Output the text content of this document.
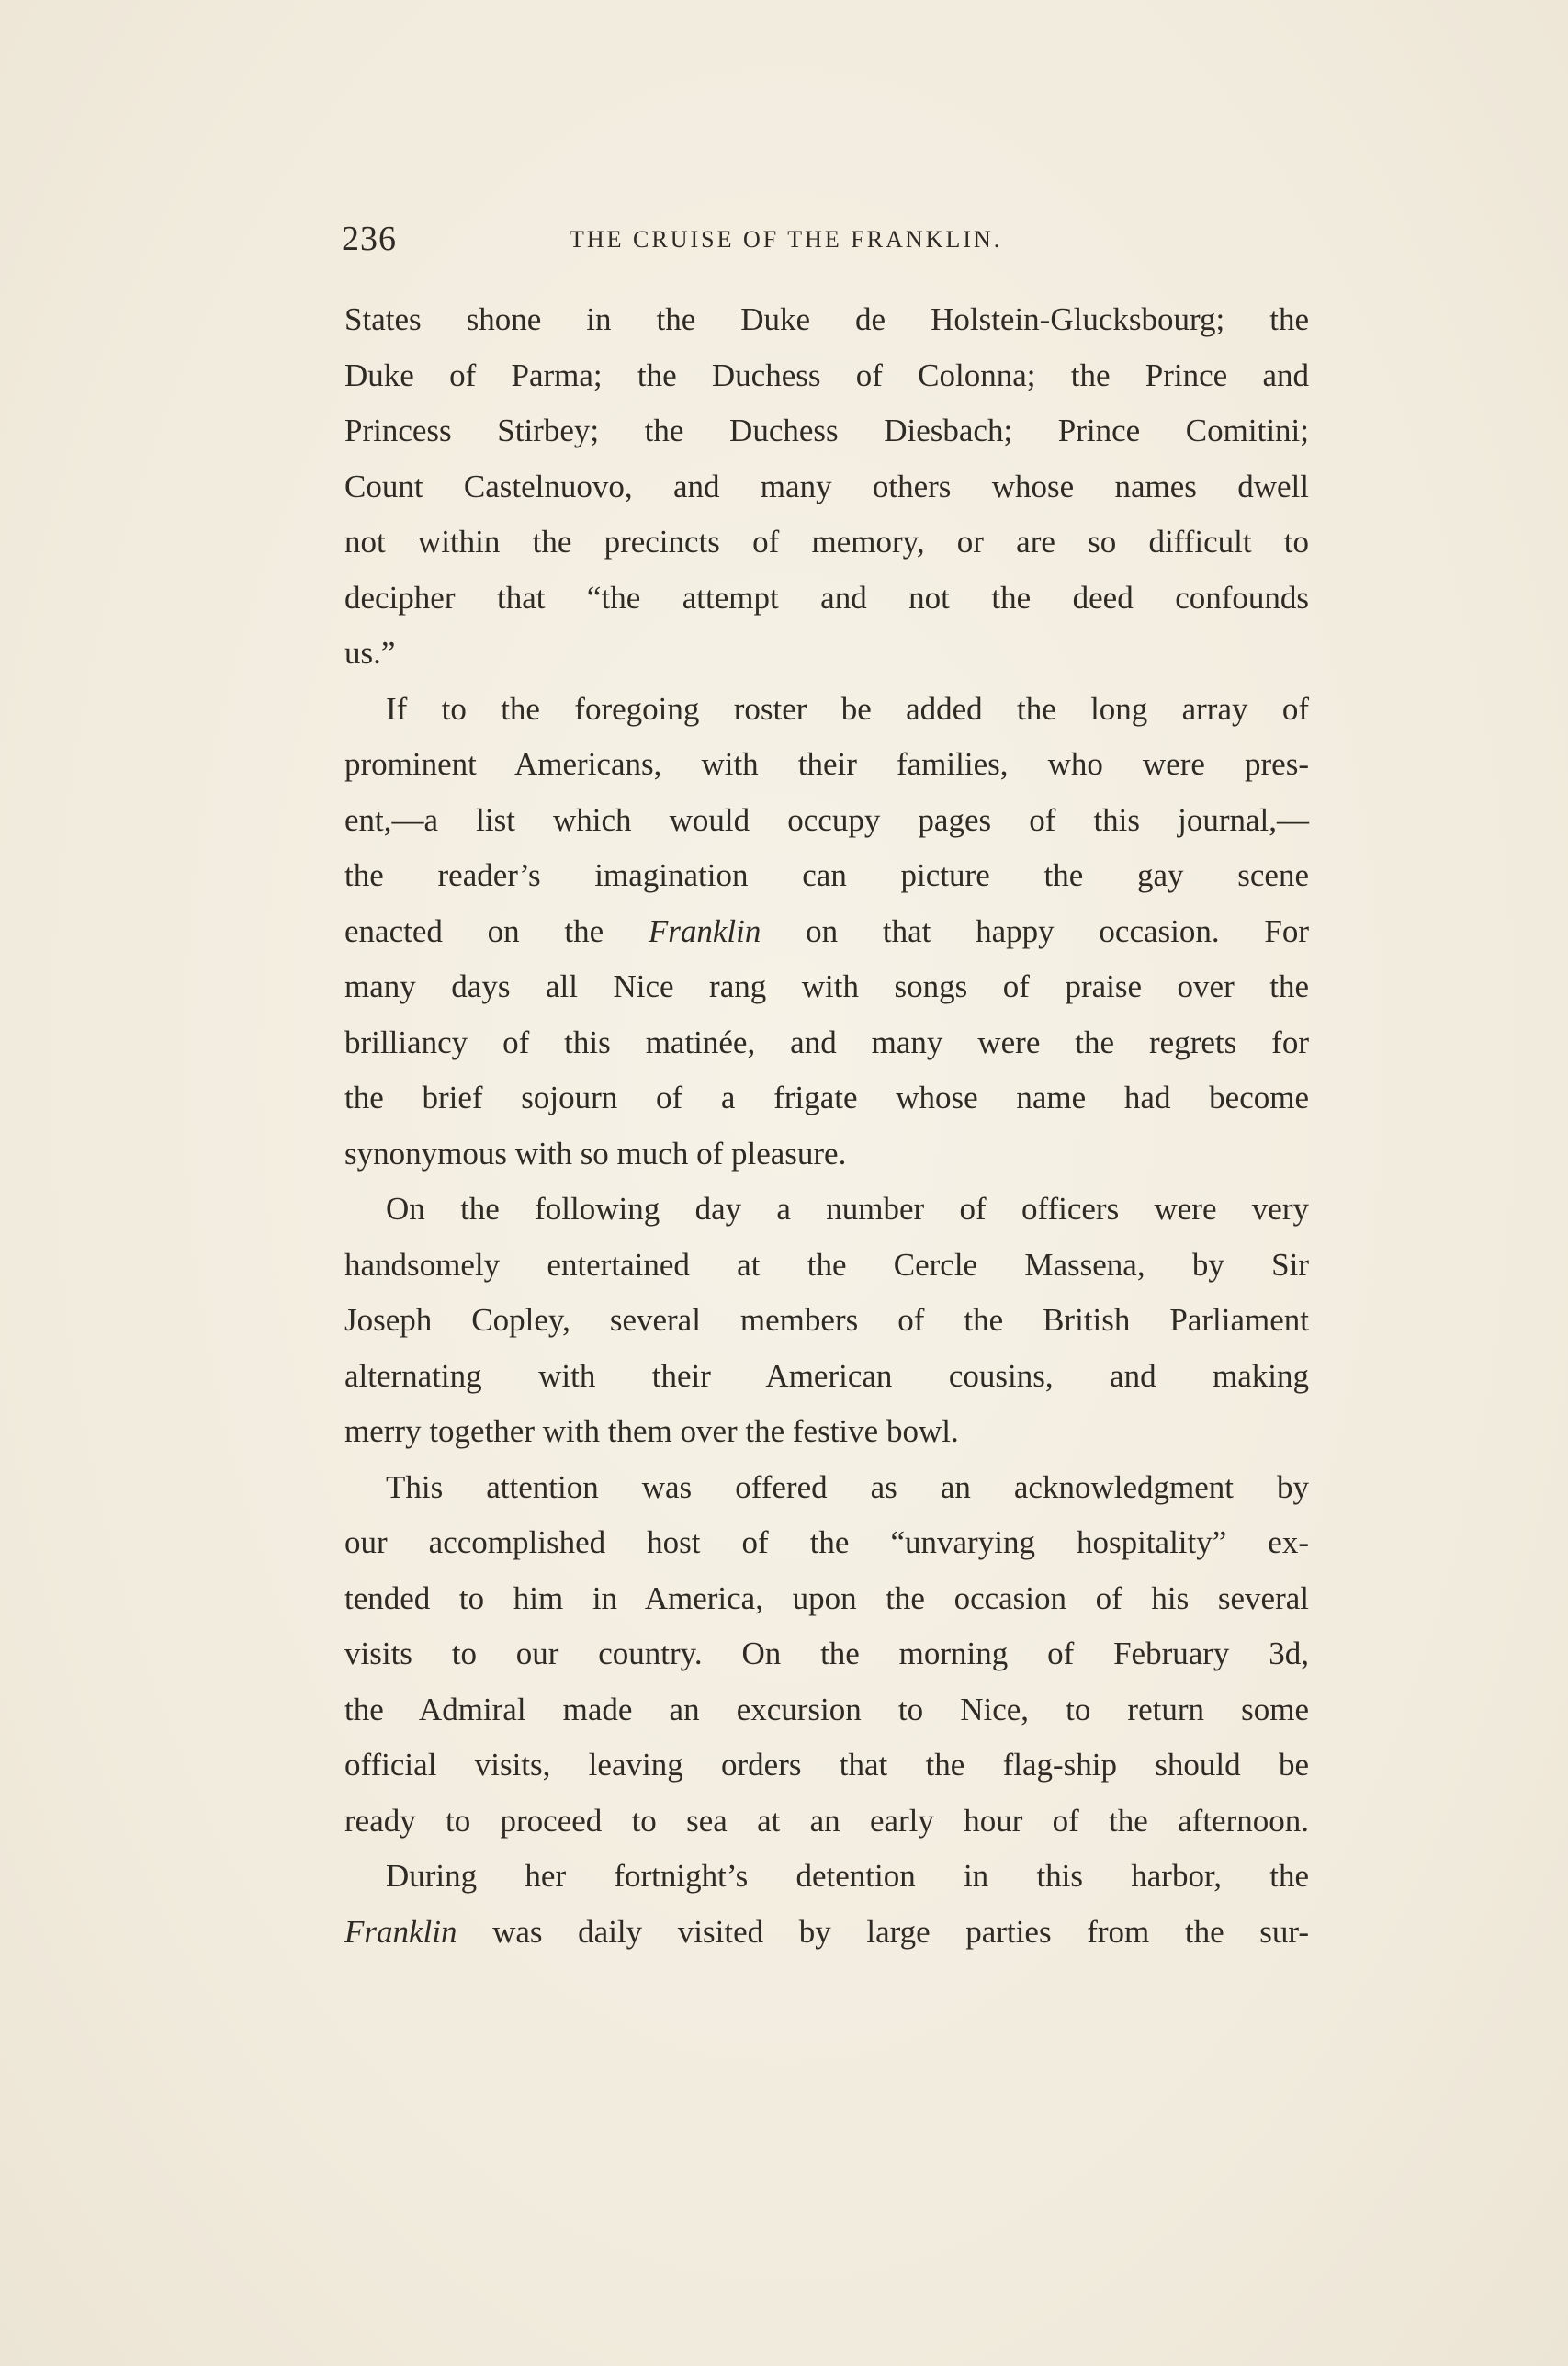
236	THE CRUISE OF THE FRANKLIN.
States shone in the Duke de Holstein-Glucksbourg; the
Duke of Parma; the Duchess of Colonna; the Prince and
Princess Stirbey; the Duchess Diesbach; Prince Comitini;
Count Castelnuovo, and many others whose names dwell
not within the precincts of memory, or are so difficult to
decipher that “the attempt and not the deed confounds
us.”
If to the foregoing roster be added the long array of
prominent Americans, with their families, who were pres-
ent,—a list which would occupy pages of this journal,—
the reader’s imagination can picture the gay scene
enacted on the Franklin on that happy occasion. For
many days all Nice rang with songs of praise over the
brilliancy of this matinée, and many were the regrets for
the brief sojourn of a frigate whose name had become
synonymous with so much of pleasure.
On the following day a number of officers were very
handsomely entertained at the Cercle Massena, by Sir
Joseph Copley, several members of the British Parliament
alternating with their American cousins, and making
merry together with them over the festive bowl.
This attention was offered as an acknowledgment by
our accomplished host of the “unvarying hospitality” ex-
tended to him in America, upon the occasion of his several
visits to our country. On the morning of February 3d,
the Admiral made an excursion to Nice, to return some
official visits, leaving orders that the flag-ship should be
ready to proceed to sea at an early hour of the afternoon.
During her fortnight’s detention in this harbor, the
Franklin was daily visited by large parties from the sur-
